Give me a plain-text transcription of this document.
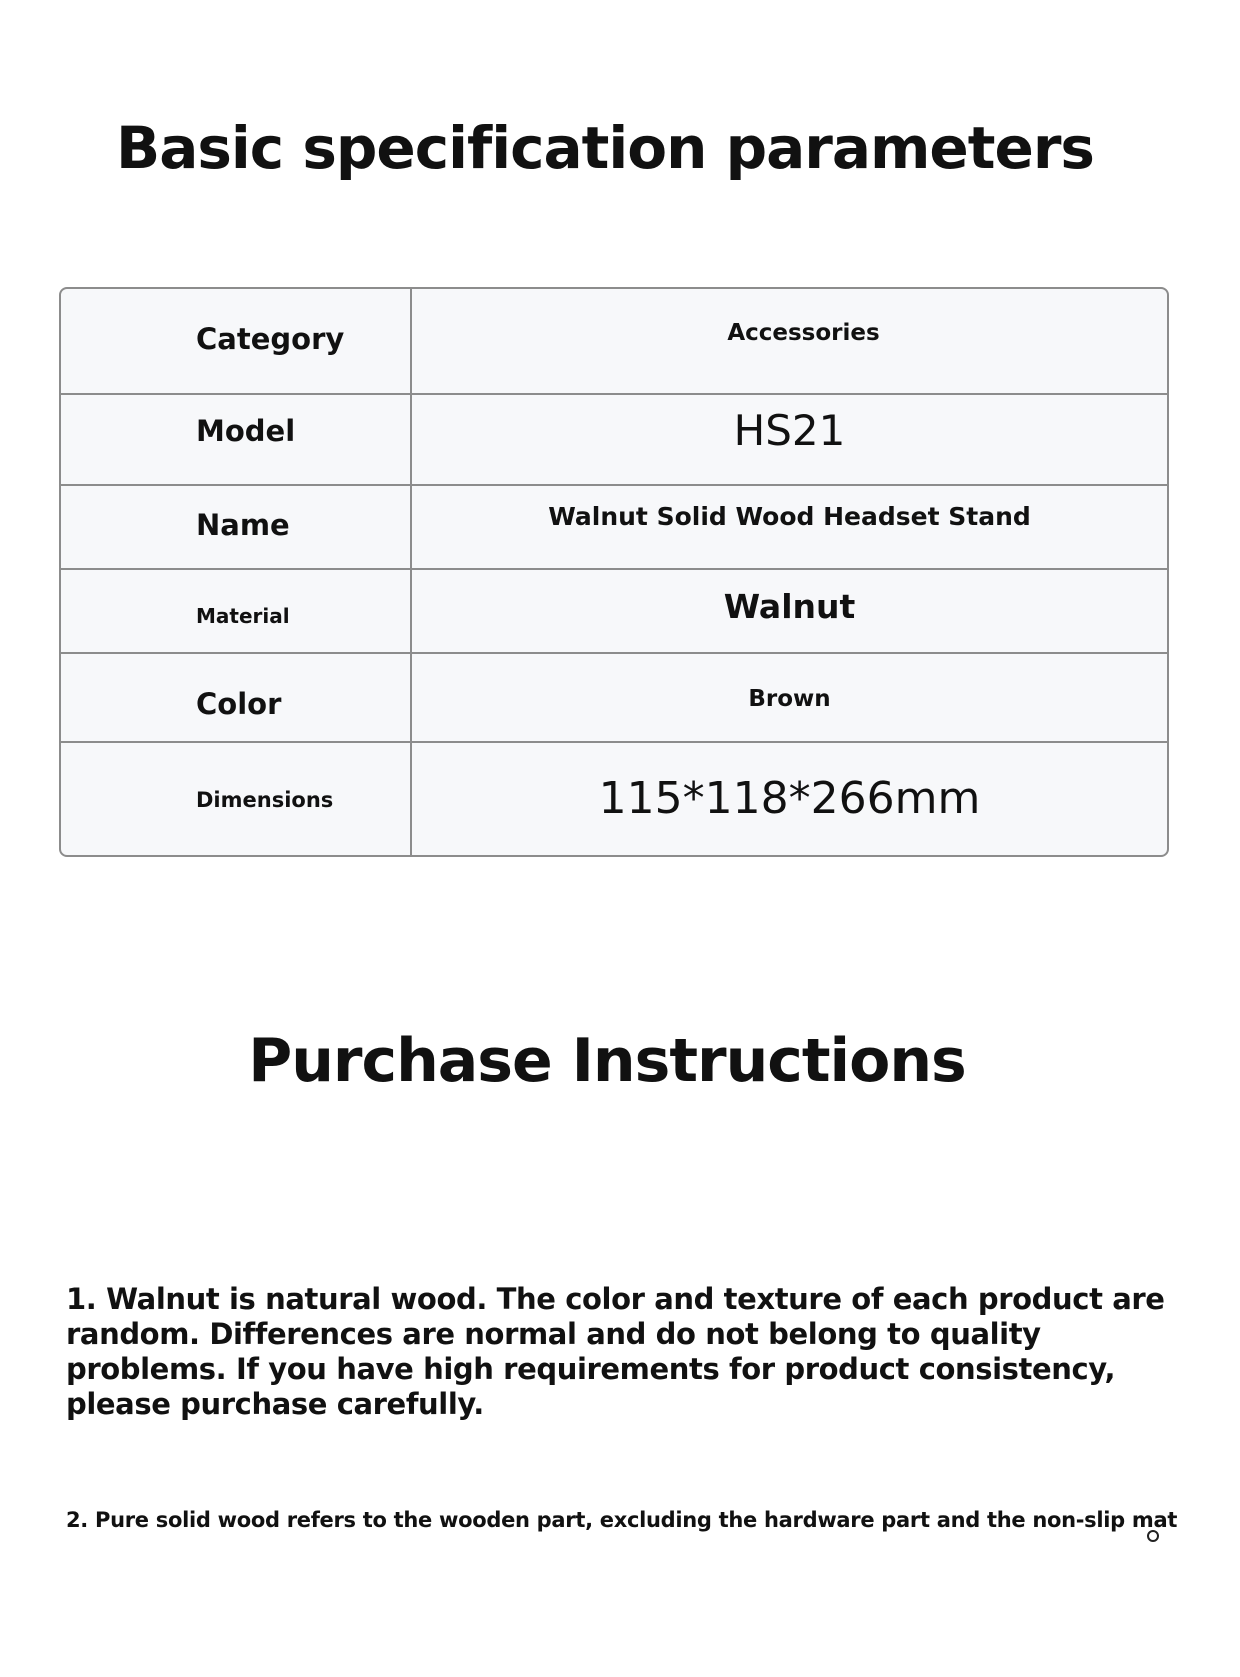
Basic specification parameters
Category	Accessories
Model	HS21
Name	Walnut Solid Wood Headset Stand
Material	Walnut
Color	Brown
Dimensions	115*118*266mm
Purchase Instructions

1. Walnut is natural wood. The color and texture of each product are random. Differences are normal and do not belong to quality problems. If you have high requirements for product consistency, please purchase carefully.

2. Pure solid wood refers to the wooden part, excluding the hardware part and the non-slip mat
